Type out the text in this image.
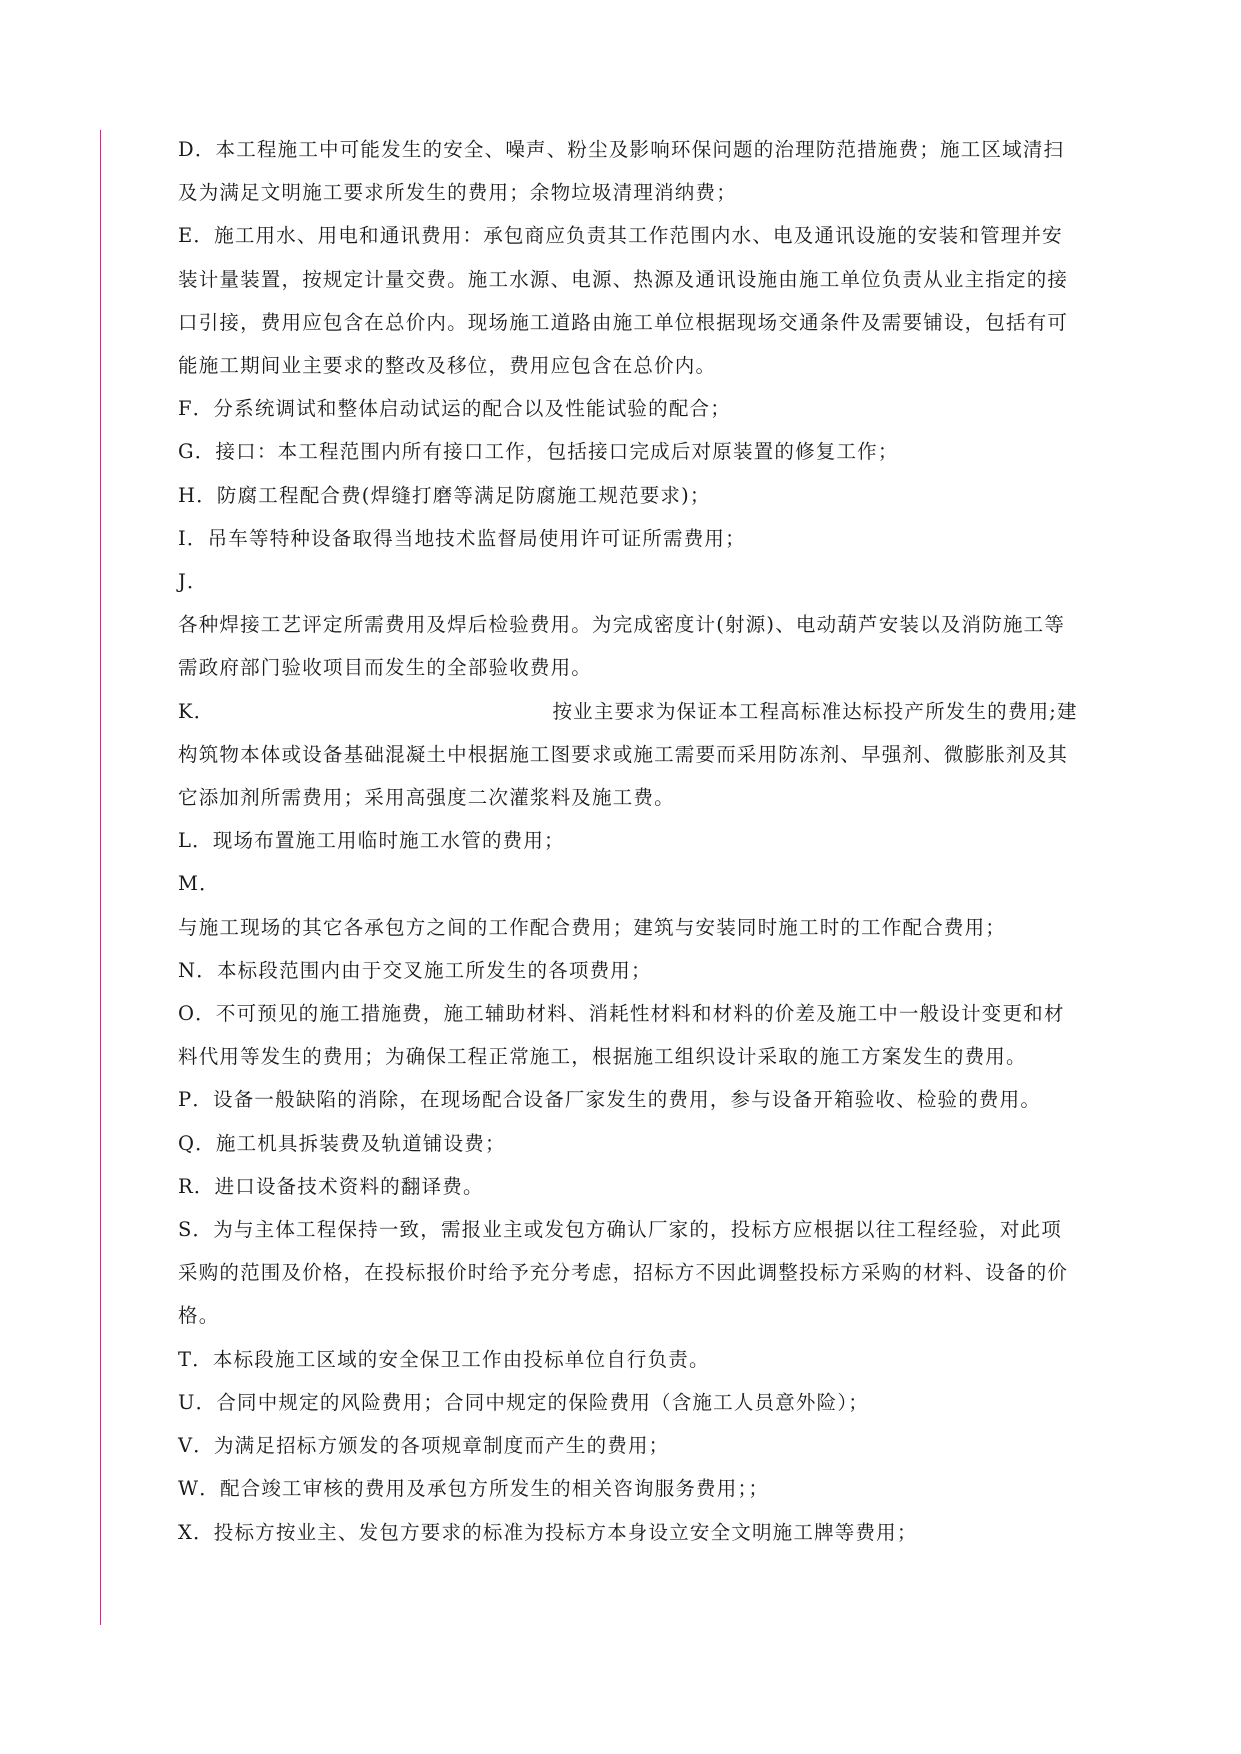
D．本工程施工中可能发生的安全、噪声、粉尘及影响环保问题的治理防范措施费；施工区域清扫及为满足文明施工要求所发生的费用；余物垃圾清理消纳费；

E．施工用水、用电和通讯费用：承包商应负责其工作范围内水、电及通讯设施的安装和管理并安装计量装置，按规定计量交费。施工水源、电源、热源及通讯设施由施工单位负责从业主指定的接口引接，费用应包含在总价内。现场施工道路由施工单位根据现场交通条件及需要铺设，包括有可能施工期间业主要求的整改及移位，费用应包含在总价内。

F．分系统调试和整体启动试运的配合以及性能试验的配合；

G．接口：本工程范围内所有接口工作，包括接口完成后对原装置的修复工作；

H．防腐工程配合费(焊缝打磨等满足防腐施工规范要求)；

I．吊车等特种设备取得当地技术监督局使用许可证所需费用；

J．

各种焊接工艺评定所需费用及焊后检验费用。为完成密度计(射源)、电动葫芦安装以及消防施工等需政府部门验收项目而发生的全部验收费用。

K．	按业主要求为保证本工程高标准达标投产所发生的费用;建构筑物本体或设备基础混凝土中根据施工图要求或施工需要而采用防冻剂、早强剂、微膨胀剂及其它添加剂所需费用；采用高强度二次灌浆料及施工费。

L．现场布置施工用临时施工水管的费用；

M．

与施工现场的其它各承包方之间的工作配合费用；建筑与安装同时施工时的工作配合费用；

N．本标段范围内由于交叉施工所发生的各项费用；

O．不可预见的施工措施费，施工辅助材料、消耗性材料和材料的价差及施工中一般设计变更和材料代用等发生的费用；为确保工程正常施工，根据施工组织设计采取的施工方案发生的费用。

P．设备一般缺陷的消除，在现场配合设备厂家发生的费用，参与设备开箱验收、检验的费用。

Q．施工机具拆装费及轨道铺设费；

R．进口设备技术资料的翻译费。

S．为与主体工程保持一致，需报业主或发包方确认厂家的，投标方应根据以往工程经验，对此项采购的范围及价格，在投标报价时给予充分考虑，招标方不因此调整投标方采购的材料、设备的价格。

T．本标段施工区域的安全保卫工作由投标单位自行负责。

U．合同中规定的风险费用；合同中规定的保险费用（含施工人员意外险）；

V．为满足招标方颁发的各项规章制度而产生的费用；

W．配合竣工审核的费用及承包方所发生的相关咨询服务费用；；

X．投标方按业主、发包方要求的标准为投标方本身设立安全文明施工牌等费用；
